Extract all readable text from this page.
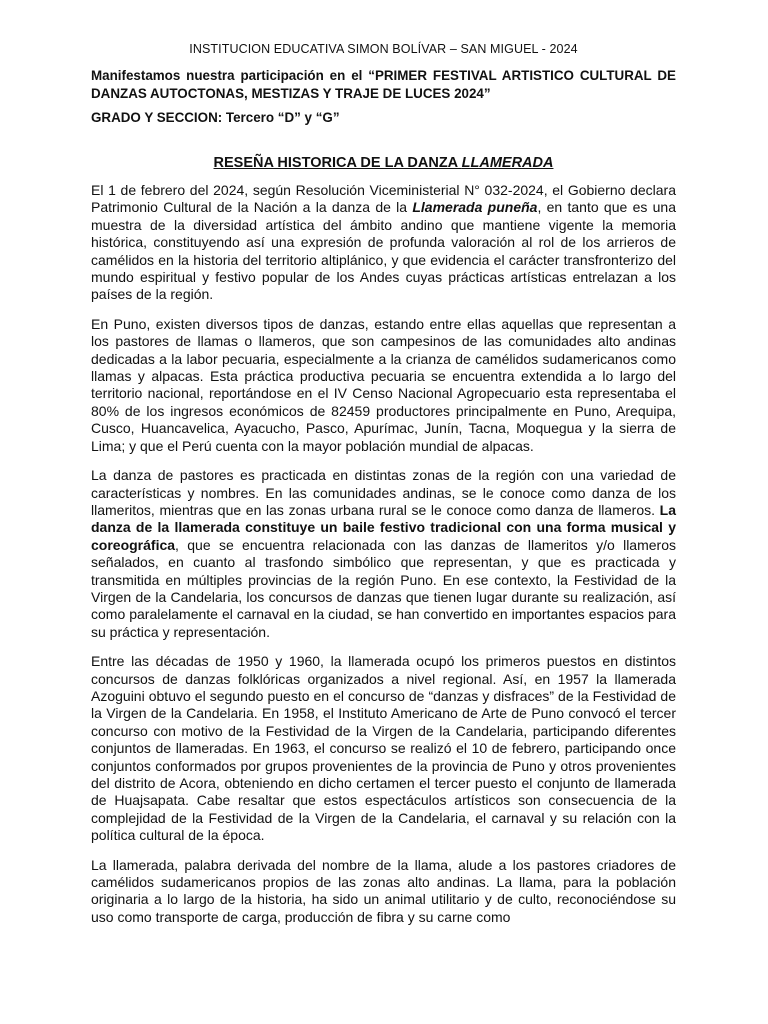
INSTITUCION EDUCATIVA SIMON BOLÍVAR – SAN MIGUEL - 2024
Manifestamos nuestra participación en el “PRIMER FESTIVAL ARTISTICO CULTURAL DE DANZAS AUTOCTONAS, MESTIZAS Y TRAJE DE LUCES 2024”
GRADO Y SECCION: Tercero “D” y “G”
RESEÑA HISTORICA DE LA DANZA LLAMERADA

El 1 de febrero del 2024, según Resolución Viceministerial N° 032-2024, el Gobierno declara Patrimonio Cultural de la Nación a la danza de la Llamerada puneña, en tanto que es una muestra de la diversidad artística del ámbito andino que mantiene vigente la memoria histórica, constituyendo así una expresión de profunda valoración al rol de los arrieros de camélidos en la historia del territorio altiplánico, y que evidencia el carácter transfronterizo del mundo espiritual y festivo popular de los Andes cuyas prácticas artísticas entrelazan a los países de la región.

En Puno, existen diversos tipos de danzas, estando entre ellas aquellas que representan a los pastores de llamas o llameros, que son campesinos de las comunidades alto andinas dedicadas a la labor pecuaria, especialmente a la crianza de camélidos sudamericanos como llamas y alpacas. Esta práctica productiva pecuaria se encuentra extendida a lo largo del territorio nacional, reportándose en el IV Censo Nacional Agropecuario esta representaba el 80% de los ingresos económicos de 82459 productores principalmente en Puno, Arequipa, Cusco, Huancavelica, Ayacucho, Pasco, Apurímac, Junín, Tacna, Moquegua y la sierra de Lima; y que el Perú cuenta con la mayor población mundial de alpacas.

La danza de pastores es practicada en distintas zonas de la región con una variedad de características y nombres. En las comunidades andinas, se le conoce como danza de los llameritos, mientras que en las zonas urbana rural se le conoce como danza de llameros. La danza de la llamerada constituye un baile festivo tradicional con una forma musical y coreográfica, que se encuentra relacionada con las danzas de llameritos y/o llameros señalados, en cuanto al trasfondo simbólico que representan, y que es practicada y transmitida en múltiples provincias de la región Puno. En ese contexto, la Festividad de la Virgen de la Candelaria, los concursos de danzas que tienen lugar durante su realización, así como paralelamente el carnaval en la ciudad, se han convertido en importantes espacios para su práctica y representación.

Entre las décadas de 1950 y 1960, la llamerada ocupó los primeros puestos en distintos concursos de danzas folklóricas organizados a nivel regional. Así, en 1957 la llamerada Azoguini obtuvo el segundo puesto en el concurso de “danzas y disfraces” de la Festividad de la Virgen de la Candelaria. En 1958, el Instituto Americano de Arte de Puno convocó el tercer concurso con motivo de la Festividad de la Virgen de la Candelaria, participando diferentes conjuntos de llameradas. En 1963, el concurso se realizó el 10 de febrero, participando once conjuntos conformados por grupos provenientes de la provincia de Puno y otros provenientes del distrito de Acora, obteniendo en dicho certamen el tercer puesto el conjunto de llamerada de Huajsapata. Cabe resaltar que estos espectáculos artísticos son consecuencia de la complejidad de la Festividad de la Virgen de la Candelaria, el carnaval y su relación con la política cultural de la época.

La llamerada, palabra derivada del nombre de la llama, alude a los pastores criadores de camélidos sudamericanos propios de las zonas alto andinas. La llama, para la población originaria a lo largo de la historia, ha sido un animal utilitario y de culto, reconociéndose su uso como transporte de carga, producción de fibra y su carne como
